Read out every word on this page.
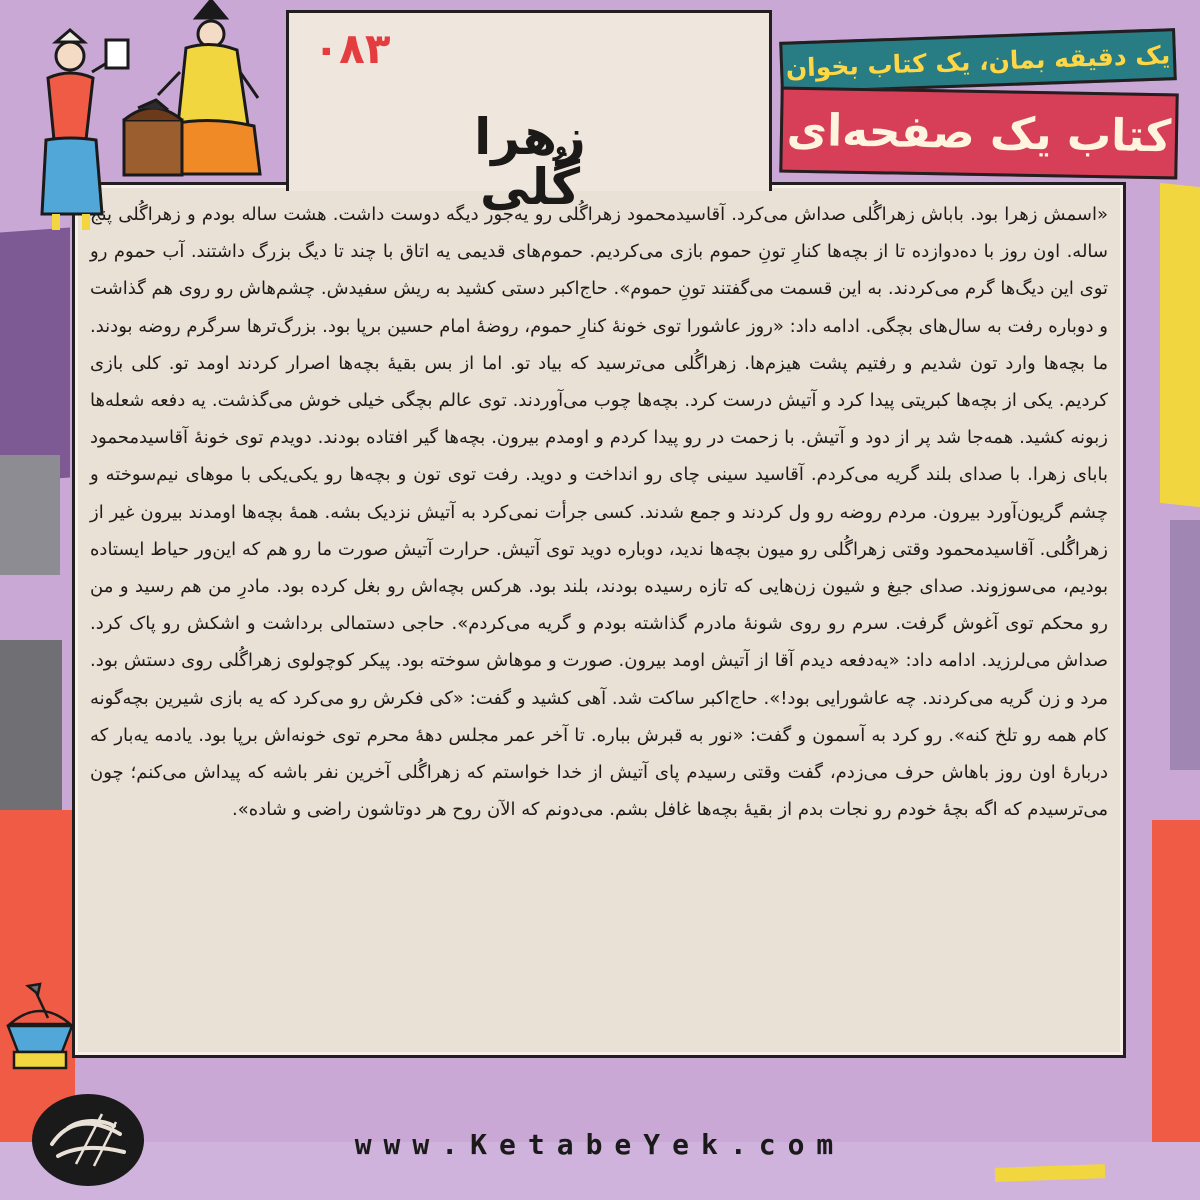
۰۸۳
زهرا گُلی
یک دقیقه بمان، یک کتاب بخوان
کتاب یک صفحه‌ای

«اسمش زهرا بود. باباش زهراگُلی صداش می‌کرد. آقاسیدمحمود زهراگُلی رو یه‌جور دیگه دوست داشت. هشت ساله بودم و زهراگُلی پنج ساله. اون روز با ده‌دوازده تا از بچه‌ها کنارِ تونِ حموم بازی می‌کردیم. حموم‌های قدیمی یه اتاق با چند تا دیگ بزرگ داشتند. آب حموم رو توی این دیگ‌ها گرم می‌کردند. به این قسمت می‌گفتند تونِ حموم». حاج‌اکبر دستی کشید به ریش سفیدش. چشم‌هاش رو روی هم گذاشت و دوباره رفت به سال‌های بچگی. ادامه داد: «روز عاشورا توی خونهٔ کنارِ حموم، روضهٔ امام حسین برپا بود. بزرگ‌ترها سرگرم روضه بودند. ما بچه‌ها وارد تون شدیم و رفتیم پشت هیزم‌ها. زهراگُلی می‌ترسید که بیاد تو. اما از بس بقیهٔ بچه‌ها اصرار کردند اومد تو. کلی بازی کردیم. یکی از بچه‌ها کبریتی پیدا کرد و آتیش درست کرد. بچه‌ها چوب می‌آوردند. توی عالم بچگی خیلی خوش می‌گذشت. یه دفعه شعله‌ها زبونه کشید. همه‌جا شد پر از دود و آتیش. با زحمت در رو پیدا کردم و اومدم بیرون. بچه‌ها گیر افتاده بودند. دویدم توی خونهٔ آقاسیدمحمود بابای زهرا. با صدای بلند گریه می‌کردم. آقاسید سینی چای رو انداخت و دوید. رفت توی تون و بچه‌ها رو یکی‌یکی با موهای نیم‌سوخته و چشم گریون‌آورد بیرون. مردم روضه رو ول کردند و جمع شدند. کسی جرأت نمی‌کرد به آتیش نزدیک بشه. همهٔ بچه‌ها اومدند بیرون غیر از زهراگُلی. آقاسیدمحمود وقتی زهراگُلی رو میون بچه‌ها ندید، دوباره دوید توی آتیش. حرارت آتیش صورت ما رو هم که این‌ور حیاط ایستاده بودیم، می‌سوزوند. صدای جیغ و شیون زن‌هایی که تازه رسیده بودند، بلند بود. هرکس بچه‌اش رو بغل کرده بود. مادرِ من هم رسید و من رو محکم توی آغوش گرفت. سرم رو روی شونهٔ مادرم گذاشته بودم و گریه می‌کردم». حاجی دستمالی برداشت و اشکش رو پاک کرد. صداش می‌لرزید. ادامه داد: «یه‌دفعه دیدم آقا از آتیش اومد بیرون. صورت و موهاش سوخته بود. پیکر کوچولوی زهراگُلی روی دستش بود. مرد و زن گریه می‌کردند. چه عاشورایی بود!». حاج‌اکبر ساکت شد. آهی کشید و گفت: «کی فکرش رو می‌کرد که یه بازی شیرین بچه‌گونه کام همه رو تلخ کنه». رو کرد به آسمون و گفت: «نور به قبرش بباره. تا آخر عمر مجلس دههٔ محرم توی خونه‌اش برپا بود. یادمه یه‌بار که دربارهٔ اون روز باهاش حرف می‌زدم، گفت وقتی رسیدم پای آتیش از خدا خواستم که زهراگُلی آخرین نفر باشه که پیداش می‌کنم؛ چون می‌ترسیدم که اگه بچهٔ خودم رو نجات بدم از بقیهٔ بچه‌ها غافل بشم. می‌دونم که الآن روح هر دوتاشون راضی و شاده».

www.KetabeYek.com
